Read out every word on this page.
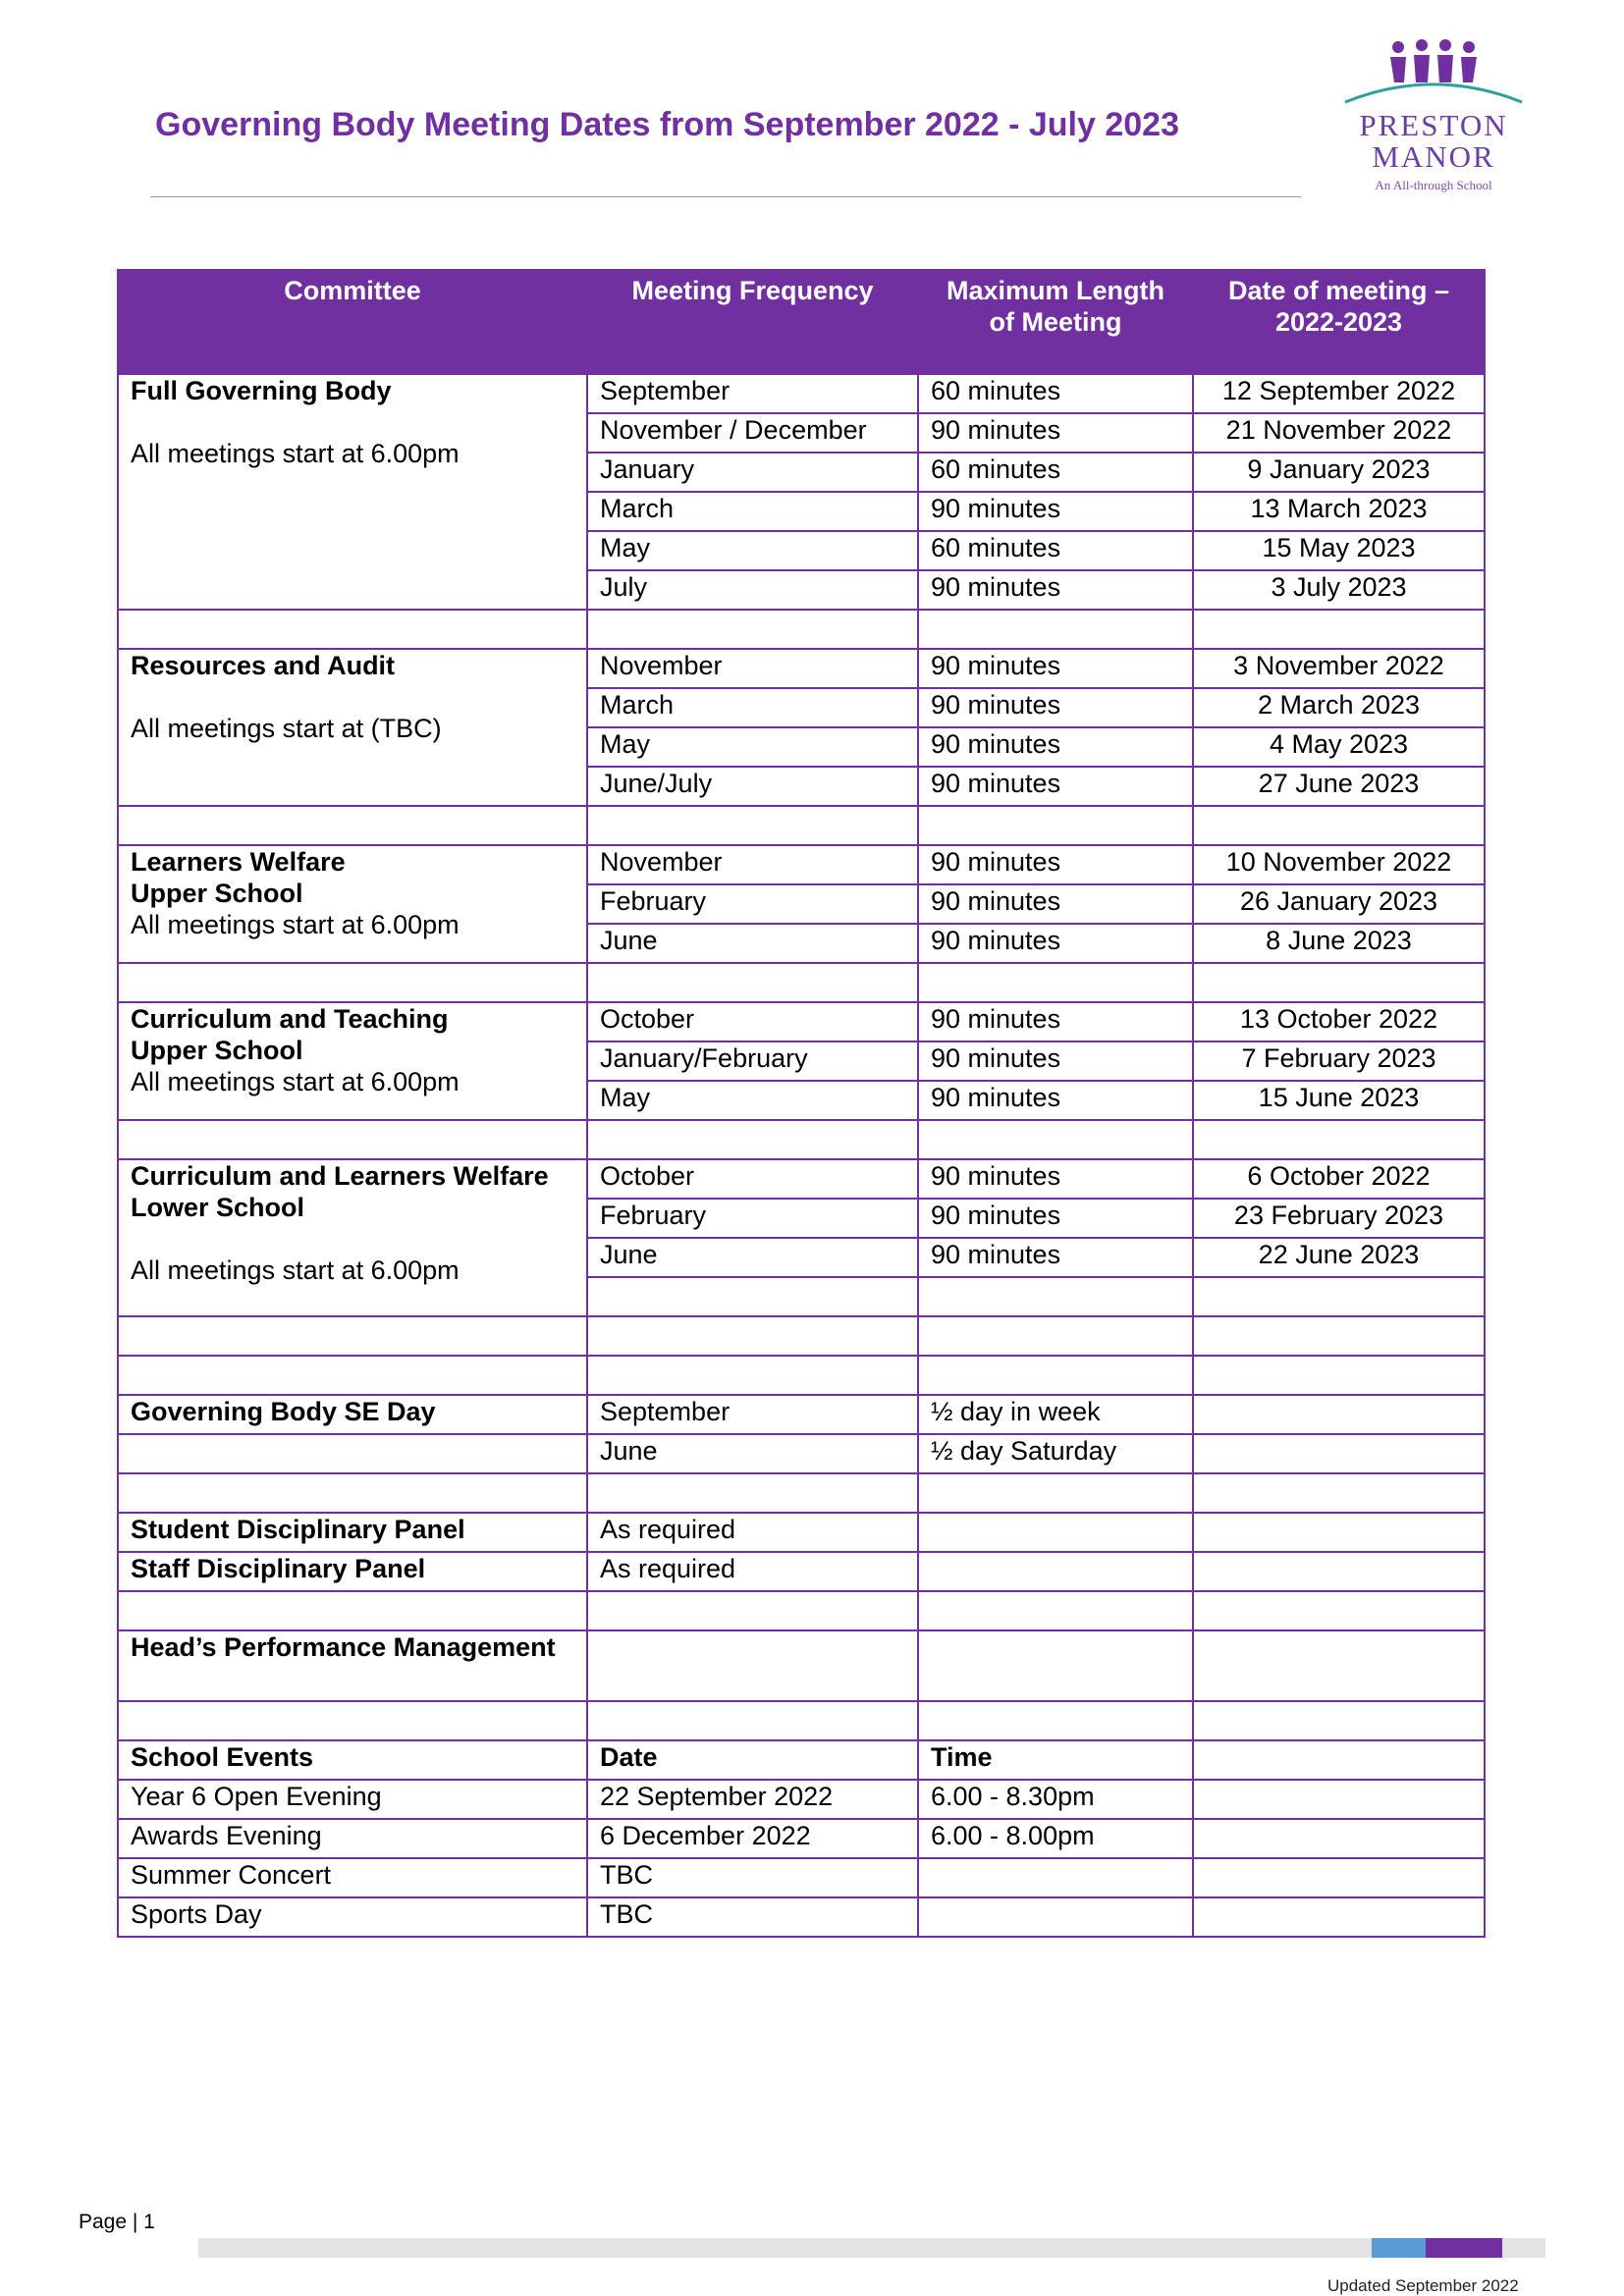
Governing Body Meeting Dates from September 2022 - July 2023	PRESTON
MANOR
An All-through School
Committee	Meeting Frequency	Maximum Length of Meeting	Date of meeting – 2022-2023

Full Governing Body
All meetings start at 6.00pm	September	60 minutes	12 September 2022
	November / December	90 minutes	21 November 2022
	January	60 minutes	9 January 2023
	March	90 minutes	13 March 2023
	May	60 minutes	15 May 2023
	July	90 minutes	3 July 2023

Resources and Audit
All meetings start at (TBC)	November	90 minutes	3 November 2022
	March	90 minutes	2 March 2023
	May	90 minutes	4 May 2023
	June/July	90 minutes	27 June 2023

Learners Welfare
Upper School
All meetings start at 6.00pm	November	90 minutes	10 November 2022
	February	90 minutes	26 January 2023
	June	90 minutes	8 June 2023

Curriculum and Teaching
Upper School
All meetings start at 6.00pm	October	90 minutes	13 October 2022
	January/February	90 minutes	7 February 2023
	May	90 minutes	15 June 2023

Curriculum and Learners Welfare
Lower School
All meetings start at 6.00pm	October	90 minutes	6 October 2022
	February	90 minutes	23 February 2023
	June	90 minutes	22 June 2023

Governing Body SE Day	September	½ day in week	
	June	½ day Saturday	

Student Disciplinary Panel	As required		
Staff Disciplinary Panel	As required		

Head’s Performance Management			

School Events	Date	Time	
Year 6 Open Evening	22 September 2022	6.00 - 8.30pm	
Awards Evening	6 December 2022	6.00 - 8.00pm	
Summer Concert	TBC		
Sports Day	TBC		
Page | 1
Updated September 2022
